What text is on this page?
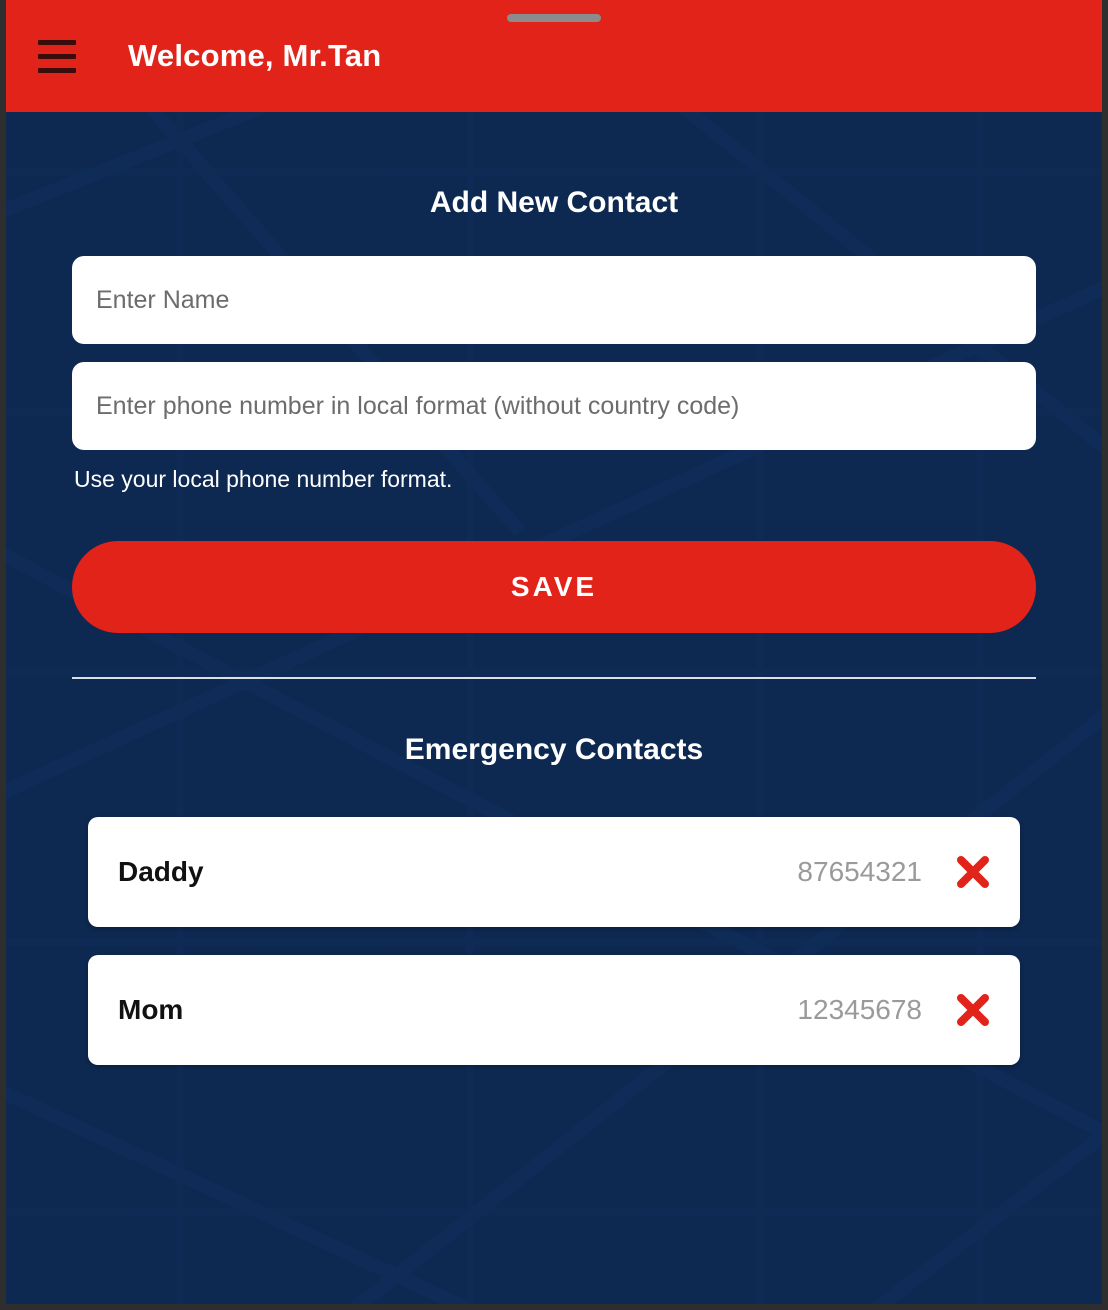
Welcome, Mr.Tan
Add New Contact
Enter Name Enter phone number in local format (without country code)
Use your local phone number format.
SAVE
Emergency Contacts
Daddy	87654321
Mom	12345678
